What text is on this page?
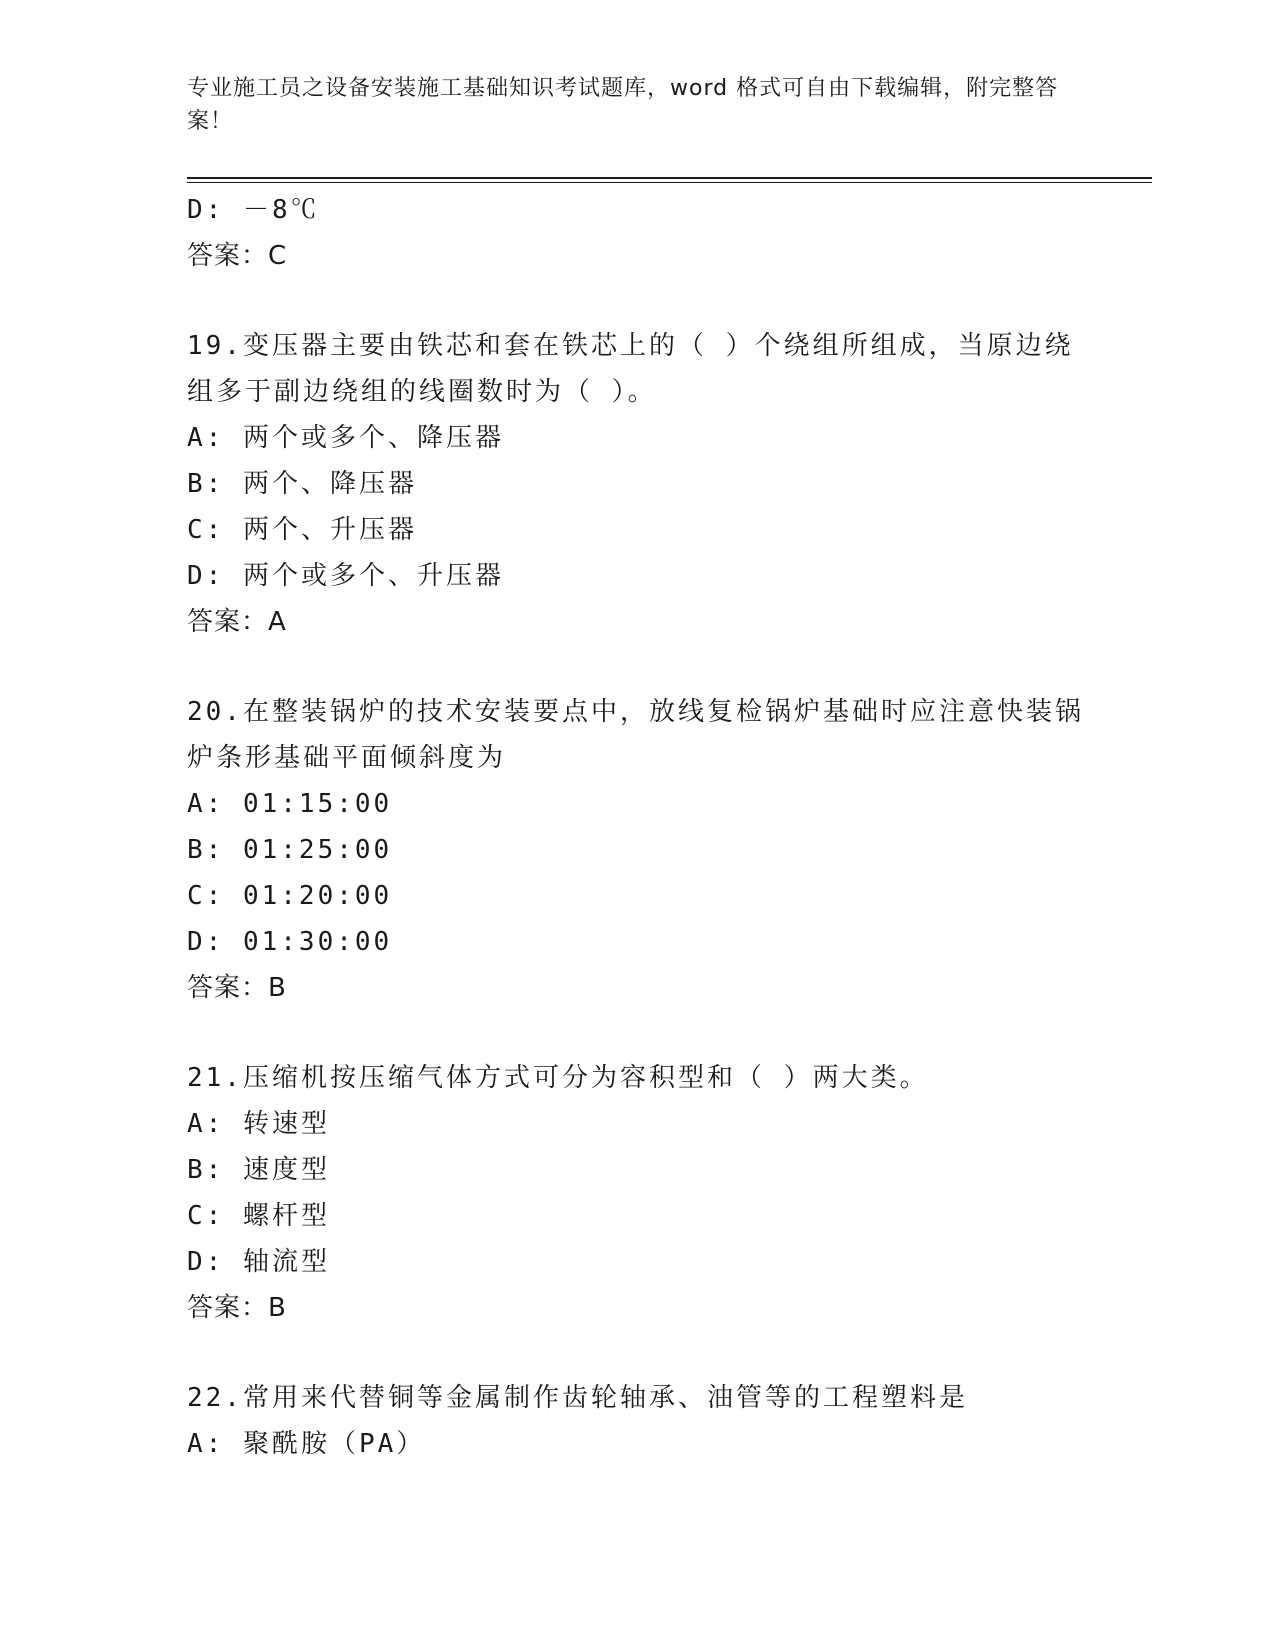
专业施工员之设备安装施工基础知识考试题库，word 格式可自由下载编辑，附完整答案！
D: －8℃
答案：C
19.变压器主要由铁芯和套在铁芯上的（ ）个绕组所组成，当原边绕组多于副边绕组的线圈数时为（ ）。
A: 两个或多个、降压器
B: 两个、降压器
C: 两个、升压器
D: 两个或多个、升压器
答案：A
20.在整装锅炉的技术安装要点中，放线复检锅炉基础时应注意快装锅炉条形基础平面倾斜度为
A: 01:15:00
B: 01:25:00
C: 01:20:00
D: 01:30:00
答案：B
21.压缩机按压缩气体方式可分为容积型和（ ）两大类。
A: 转速型
B: 速度型
C: 螺杆型
D: 轴流型
答案：B
22.常用来代替铜等金属制作齿轮轴承、油管等的工程塑料是
A: 聚酰胺（PA）
